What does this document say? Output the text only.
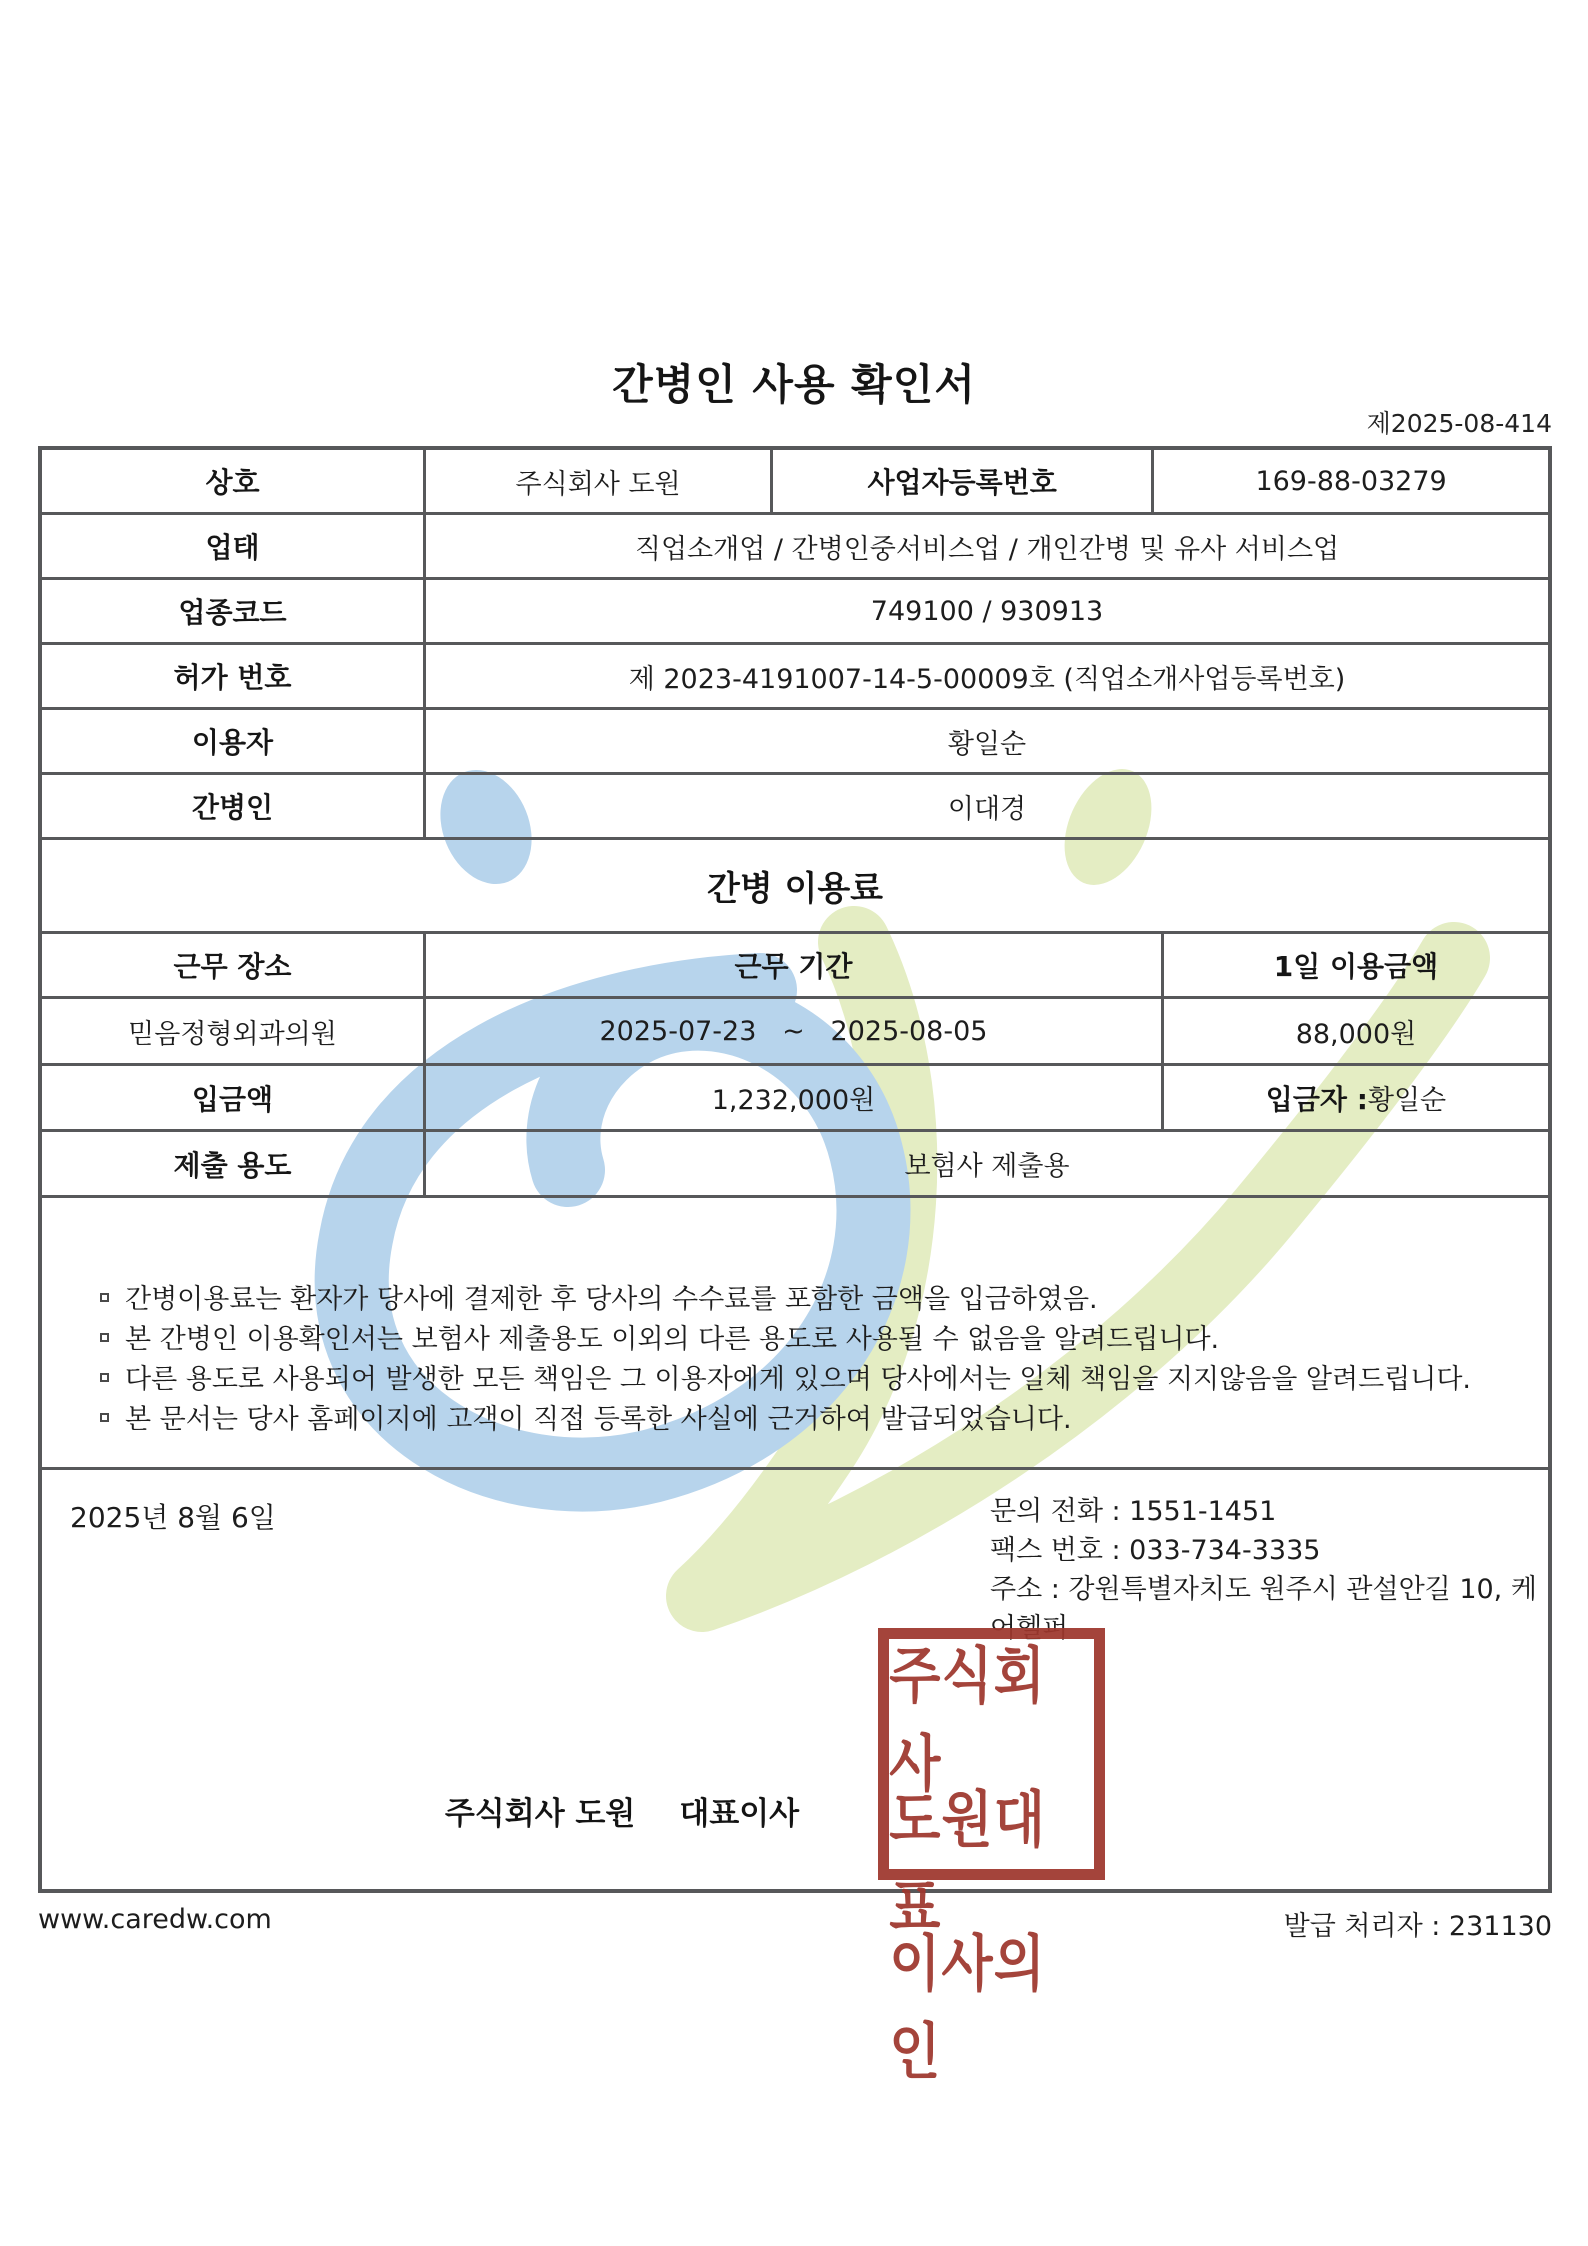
간병인 사용 확인서
제2025-08-414
상호	주식회사 도원	사업자등록번호	169-88-03279
업태	직업소개업 / 간병인중서비스업 / 개인간병 및 유사 서비스업
업종코드	749100 / 930913
허가 번호	제 2023-4191007-14-5-00009호 (직업소개사업등록번호)
이용자	황일순
간병인	이대경
간병 이용료
근무 장소	근무 기간	1일 이용금액
믿음정형외과의원	2025-07-23   ~   2025-08-05	88,000원
입금액	1,232,000원	입금자 : 황일순
제출 용도	보험사 제출용
간병이용료는 환자가 당사에 결제한 후 당사의 수수료를 포함한 금액을 입금하였음.
본 간병인 이용확인서는 보험사 제출용도 이외의 다른 용도로 사용될 수 없음을 알려드립니다.
다른 용도로 사용되어 발생한 모든 책임은 그 이용자에게 있으며 당사에서는 일체 책임을 지지않음을 알려드립니다.
본 문서는 당사 홈페이지에 고객이 직접 등록한 사실에 근거하여 발급되었습니다.
2025년 8월 6일	문의 전화 : 1551-1451
팩스 번호 : 033-734-3335
주소 : 강원특별자치도 원주시 관설안길 10, 케어헬퍼
주식회사 도원 대표이사
주식회사
도원대표
이사의인
www.caredw.com	발급 처리자 : 231130
